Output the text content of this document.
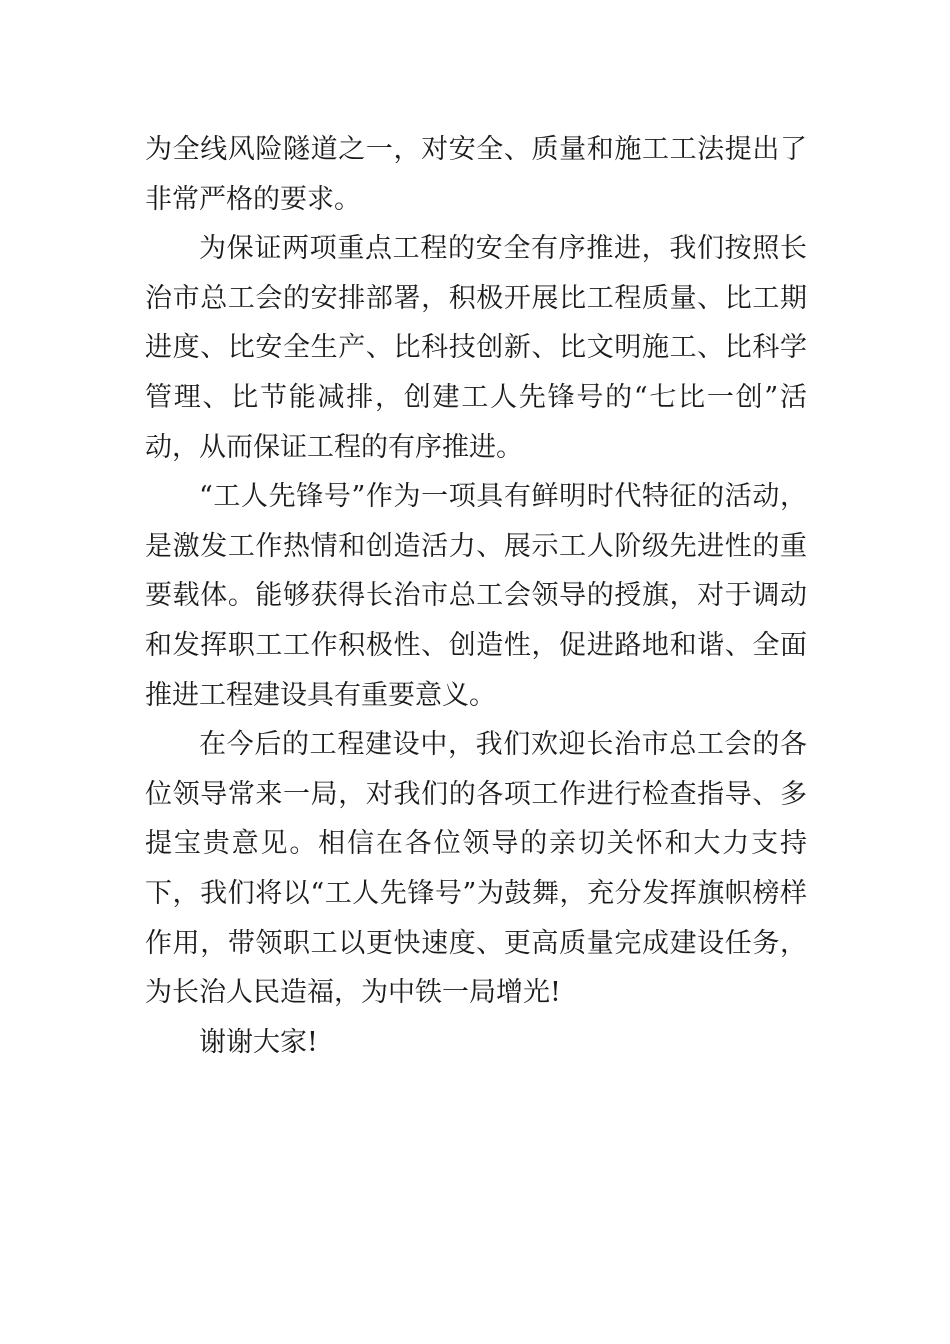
为全线风险隧道之一，对安全、质量和施工工法提出了非常严格的要求。

为保证两项重点工程的安全有序推进，我们按照长治市总工会的安排部署，积极开展比工程质量、比工期进度、比安全生产、比科技创新、比文明施工、比科学管理、比节能减排，创建工人先锋号的“七比一创”活动，从而保证工程的有序推进。

“工人先锋号”作为一项具有鲜明时代特征的活动，是激发工作热情和创造活力、展示工人阶级先进性的重要载体。能够获得长治市总工会领导的授旗，对于调动和发挥职工工作积极性、创造性，促进路地和谐、全面推进工程建设具有重要意义。

在今后的工程建设中，我们欢迎长治市总工会的各位领导常来一局，对我们的各项工作进行检查指导、多提宝贵意见。相信在各位领导的亲切关怀和大力支持下，我们将以“工人先锋号”为鼓舞，充分发挥旗帜榜样作用，带领职工以更快速度、更高质量完成建设任务，为长治人民造福，为中铁一局增光!

谢谢大家!
